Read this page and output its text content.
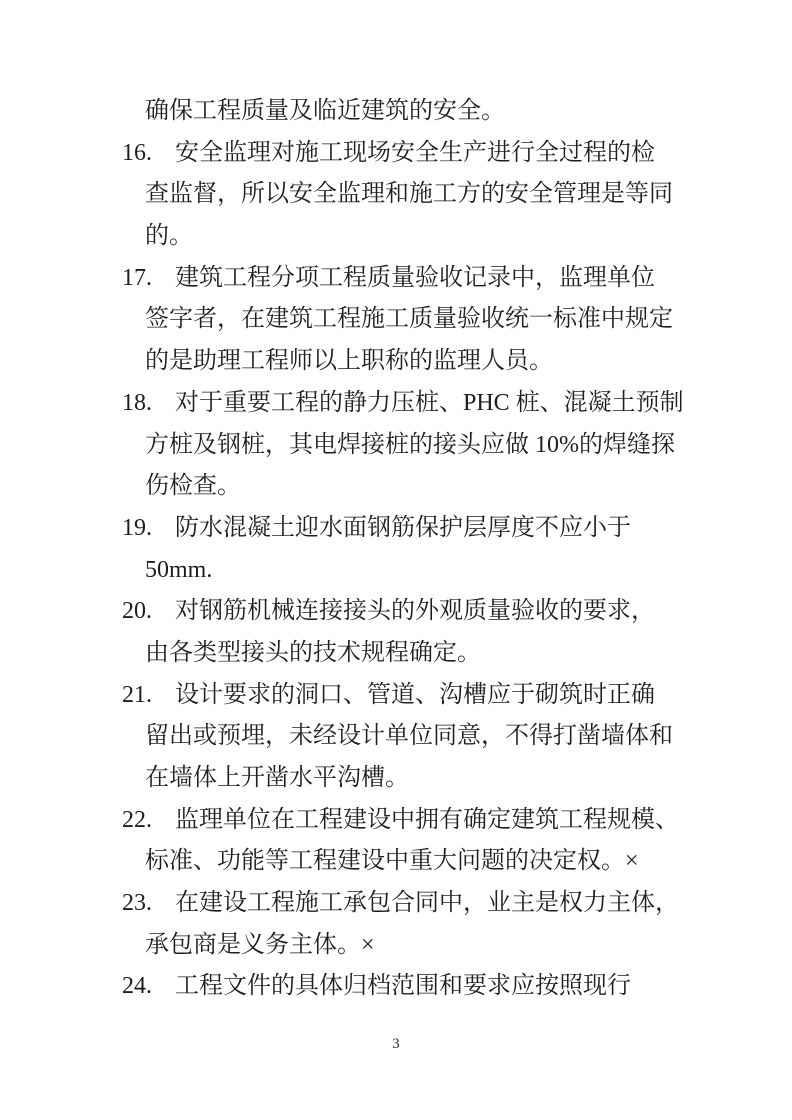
确保工程质量及临近建筑的安全。
16. 安全监理对施工现场安全生产进行全过程的检
查监督，所以安全监理和施工方的安全管理是等同
的。
17. 建筑工程分项工程质量验收记录中，监理单位
签字者，在建筑工程施工质量验收统一标准中规定
的是助理工程师以上职称的监理人员。
18. 对于重要工程的静力压桩、PHC 桩、混凝土预制
方桩及钢桩，其电焊接桩的接头应做 10%的焊缝探
伤检查。
19. 防水混凝土迎水面钢筋保护层厚度不应小于
50mm.
20. 对钢筋机械连接接头的外观质量验收的要求，
由各类型接头的技术规程确定。
21. 设计要求的洞口、管道、沟槽应于砌筑时正确
留出或预埋，未经设计单位同意，不得打凿墙体和
在墙体上开凿水平沟槽。
22. 监理单位在工程建设中拥有确定建筑工程规模、
标准、功能等工程建设中重大问题的决定权。×
23. 在建设工程施工承包合同中，业主是权力主体，
承包商是义务主体。×
24. 工程文件的具体归档范围和要求应按照现行
3
